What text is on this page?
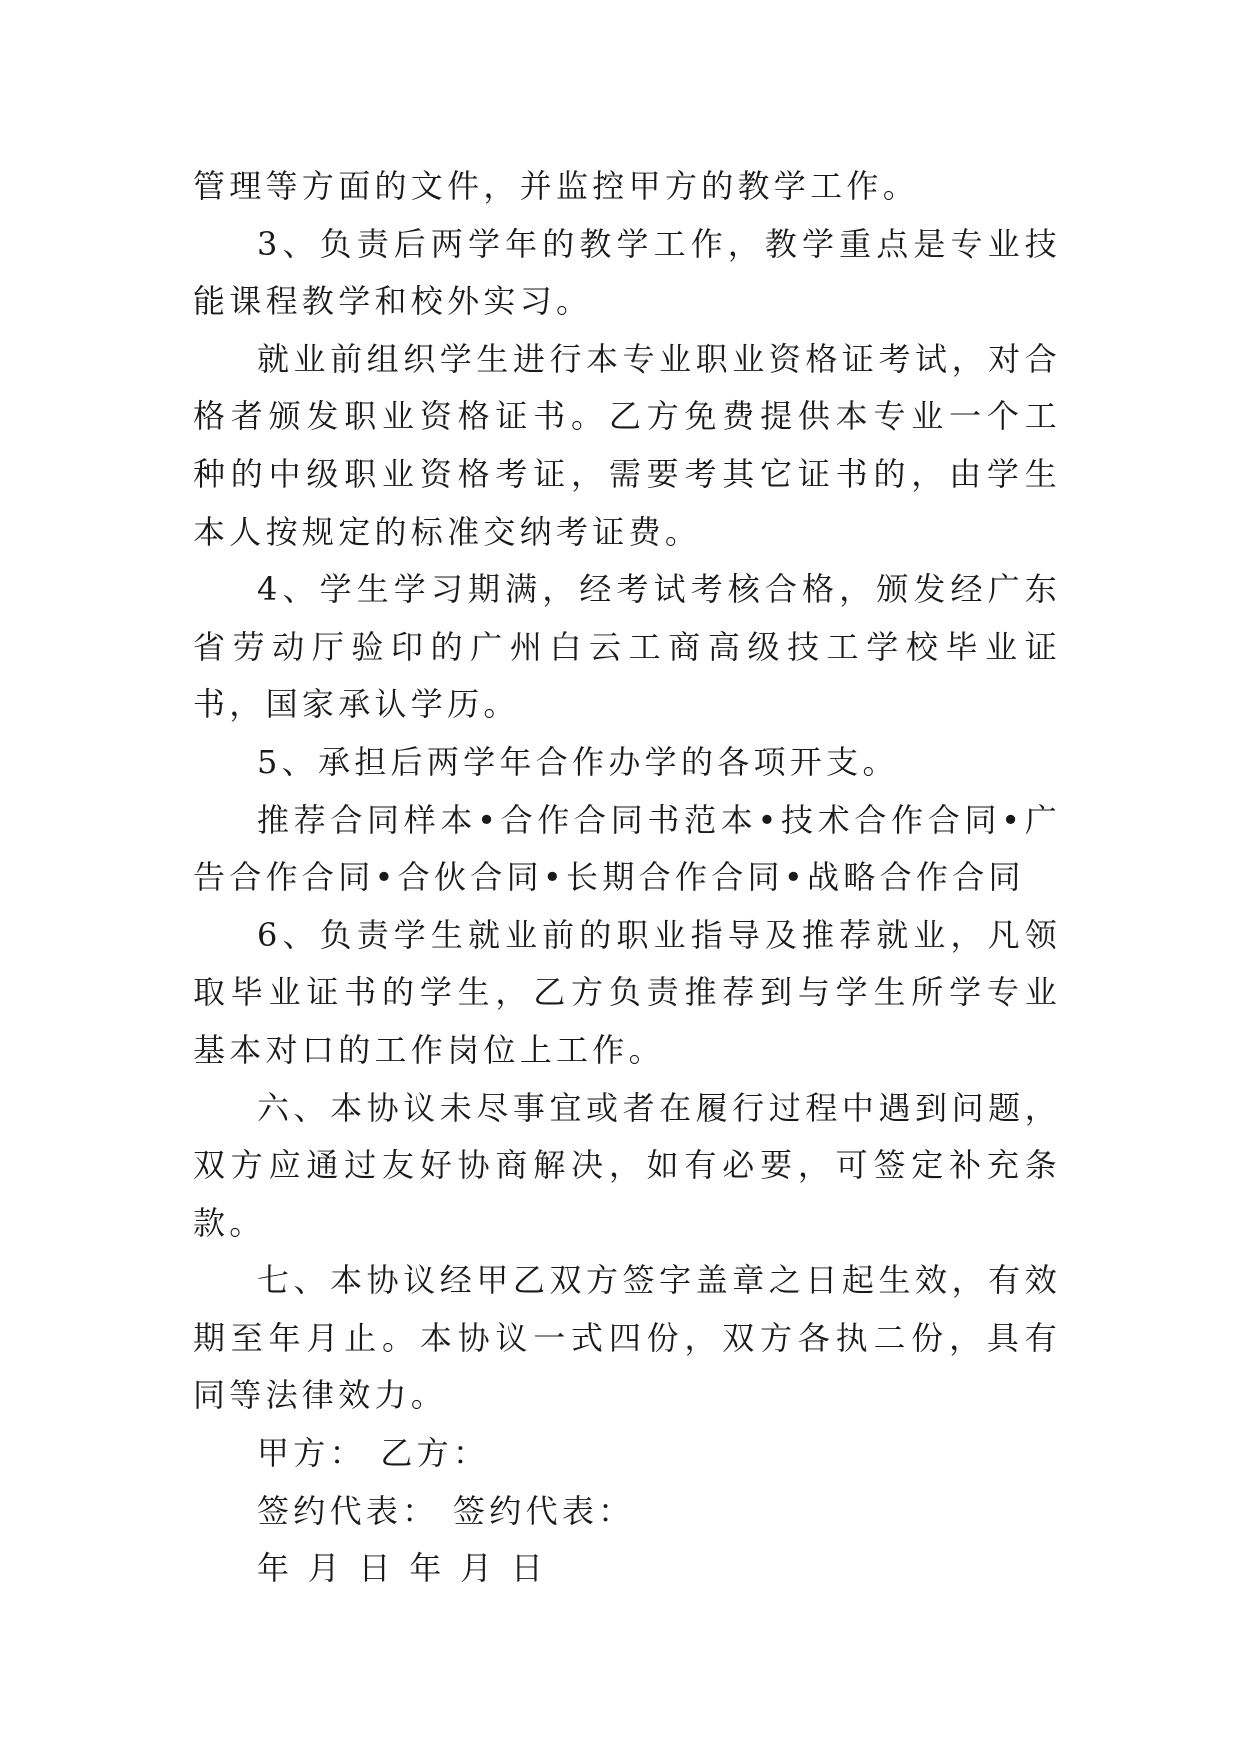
管理等方面的文件，并监控甲方的教学工作。

3、负责后两学年的教学工作，教学重点是专业技能课程教学和校外实习。

就业前组织学生进行本专业职业资格证考试，对合格者颁发职业资格证书。乙方免费提供本专业一个工种的中级职业资格考证，需要考其它证书的，由学生本人按规定的标准交纳考证费。

4、学生学习期满，经考试考核合格，颁发经广东省劳动厅验印的广州白云工商高级技工学校毕业证书，国家承认学历。

5、承担后两学年合作办学的各项开支。

推荐合同样本•合作合同书范本•技术合作合同•广告合作合同•合伙合同•长期合作合同•战略合作合同

6、负责学生就业前的职业指导及推荐就业，凡领取毕业证书的学生，乙方负责推荐到与学生所学专业基本对口的工作岗位上工作。

六、本协议未尽事宜或者在履行过程中遇到问题，双方应通过友好协商解决，如有必要，可签定补充条款。

七、本协议经甲乙双方签字盖章之日起生效，有效期至年月止。本协议一式四份，双方各执二份，具有同等法律效力。

甲方： 乙方：

签约代表： 签约代表：

年 月 日 年 月 日
